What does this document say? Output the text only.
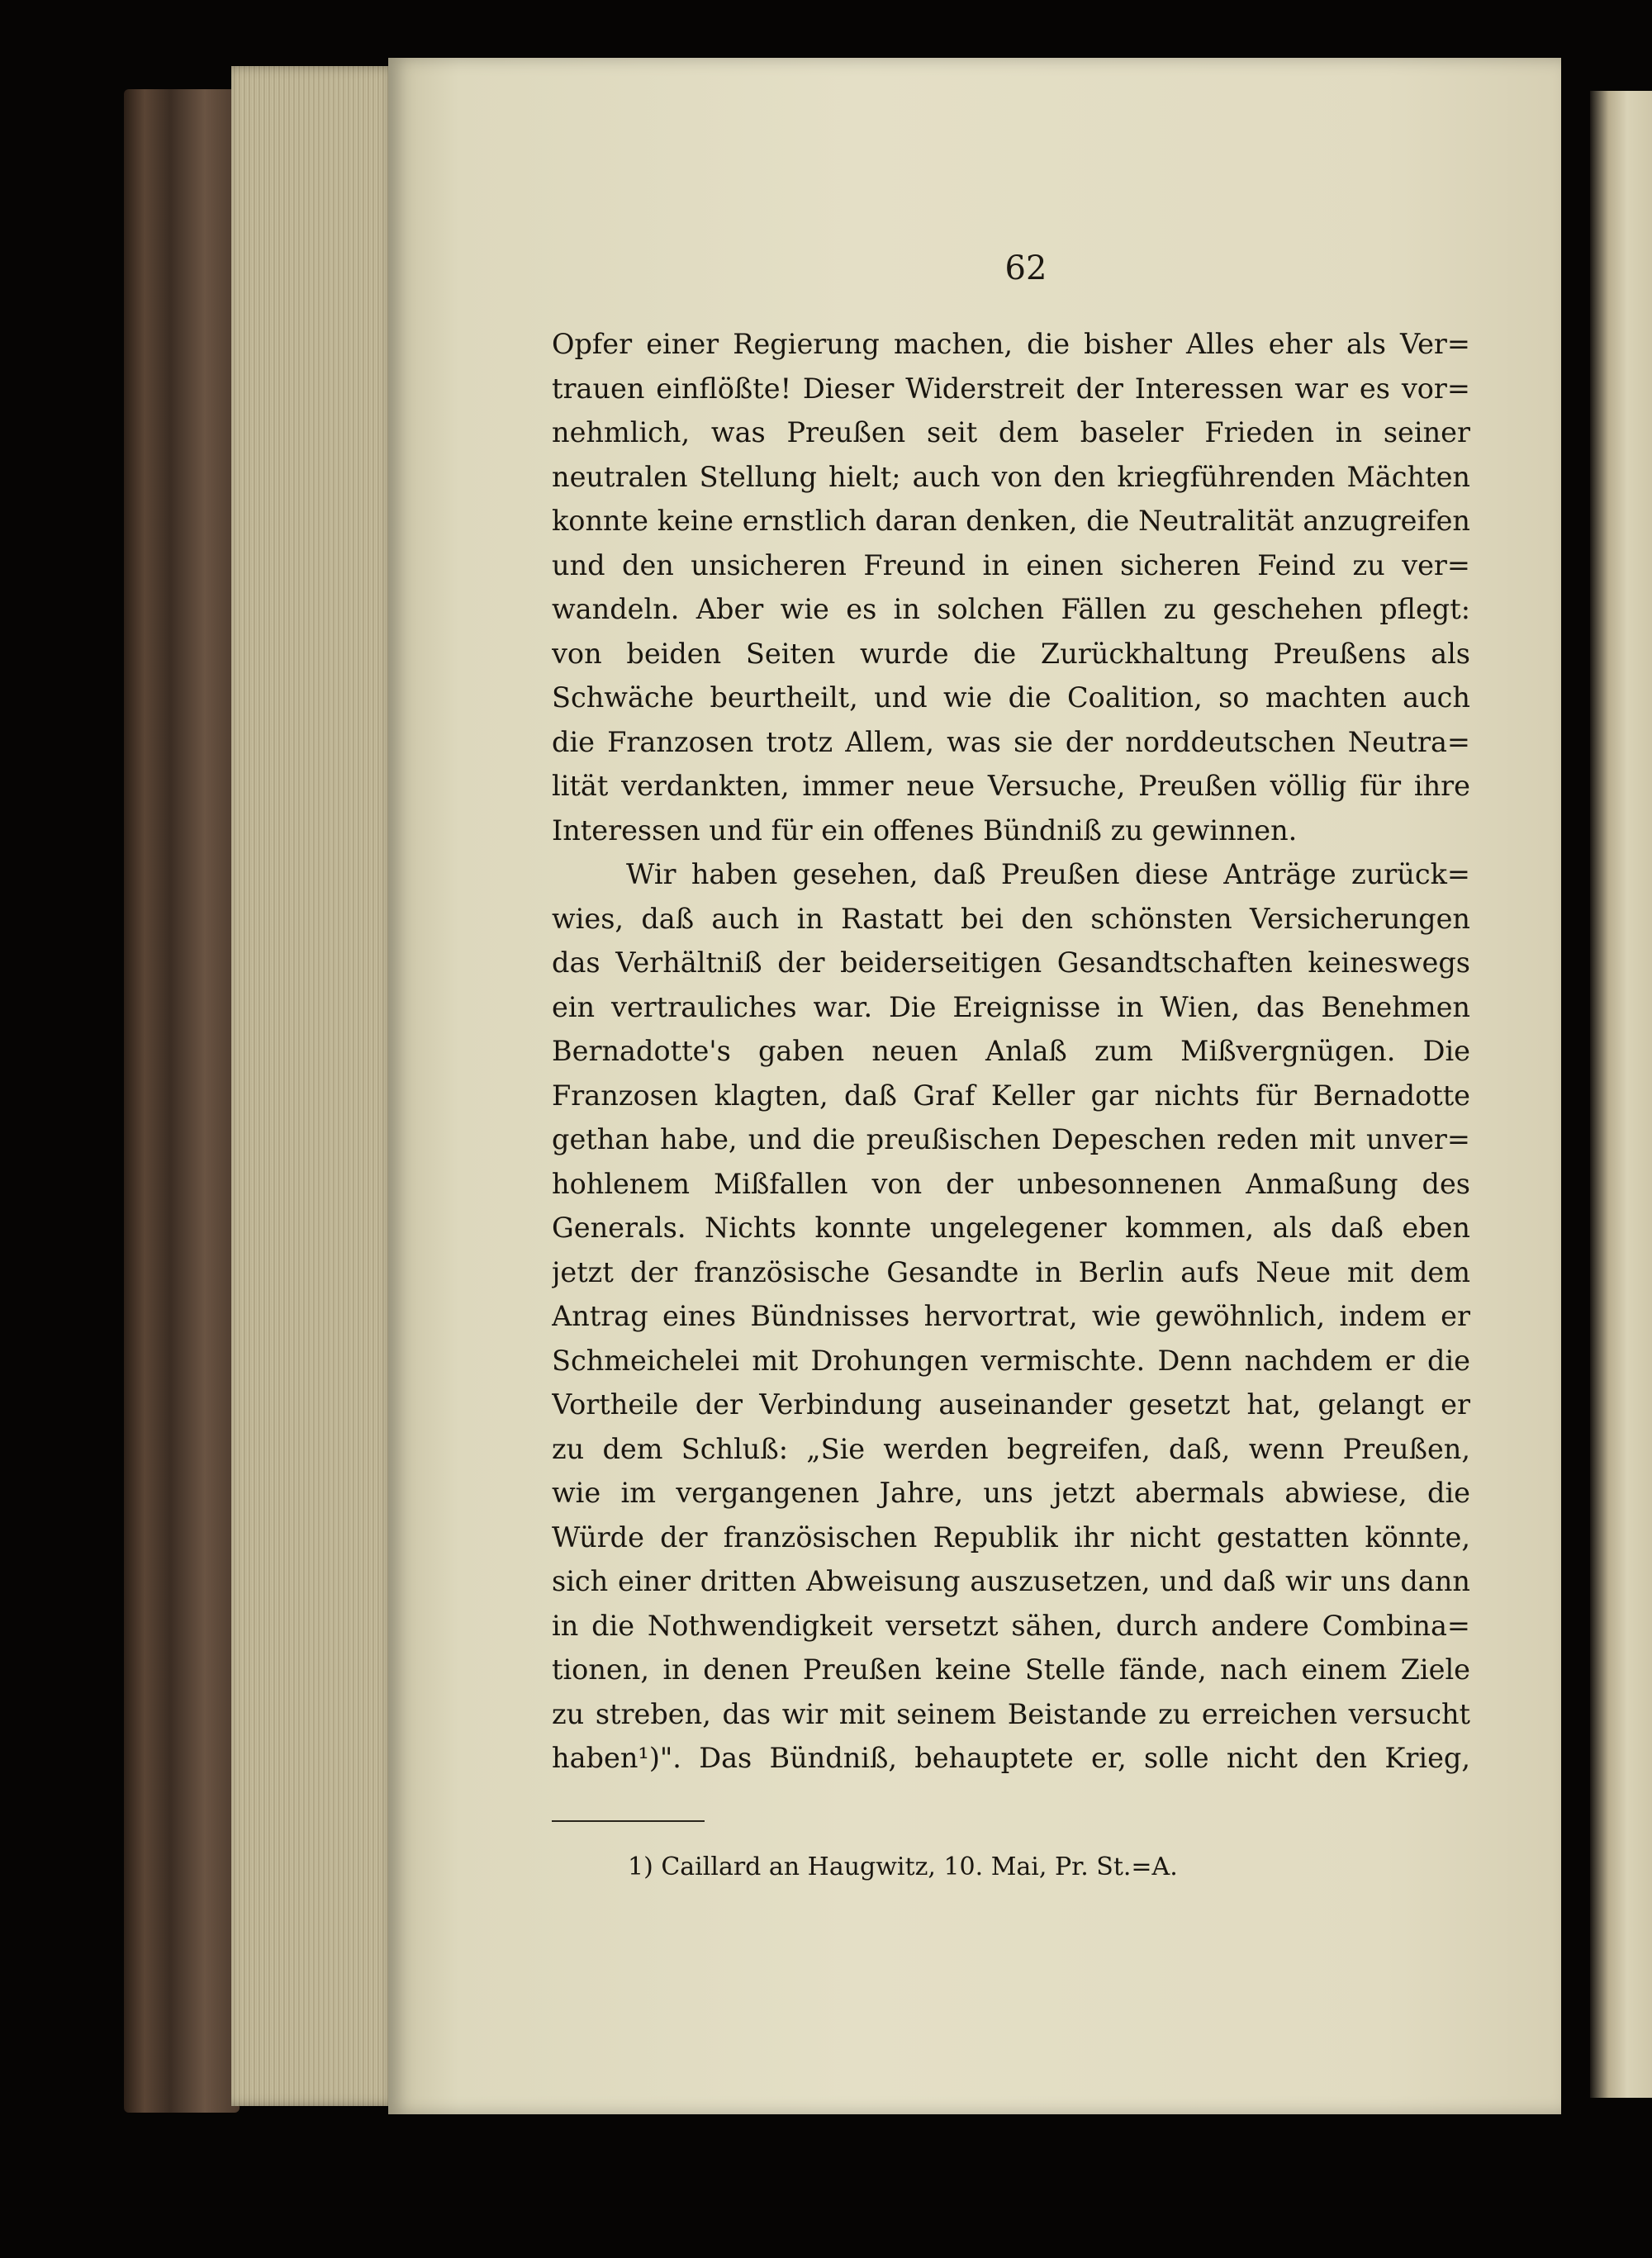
62
Opfer einer Regierung machen, die bisher Alles eher als Ver=
trauen einflößte! Dieser Widerstreit der Interessen war es vor=
nehmlich, was Preußen seit dem baseler Frieden in seiner
neutralen Stellung hielt; auch von den kriegführenden Mächten
konnte keine ernstlich daran denken, die Neutralität anzugreifen
und den unsicheren Freund in einen sicheren Feind zu ver=
wandeln. Aber wie es in solchen Fällen zu geschehen pflegt:
von beiden Seiten wurde die Zurückhaltung Preußens als
Schwäche beurtheilt, und wie die Coalition, so machten auch
die Franzosen trotz Allem, was sie der norddeutschen Neutra=
lität verdankten, immer neue Versuche, Preußen völlig für ihre
Interessen und für ein offenes Bündniß zu gewinnen.
Wir haben gesehen, daß Preußen diese Anträge zurück=
wies, daß auch in Rastatt bei den schönsten Versicherungen
das Verhältniß der beiderseitigen Gesandtschaften keineswegs
ein vertrauliches war. Die Ereignisse in Wien, das Benehmen
Bernadotte's gaben neuen Anlaß zum Mißvergnügen. Die
Franzosen klagten, daß Graf Keller gar nichts für Bernadotte
gethan habe, und die preußischen Depeschen reden mit unver=
hohlenem Mißfallen von der unbesonnenen Anmaßung des
Generals. Nichts konnte ungelegener kommen, als daß eben
jetzt der französische Gesandte in Berlin aufs Neue mit dem
Antrag eines Bündnisses hervortrat, wie gewöhnlich, indem er
Schmeichelei mit Drohungen vermischte. Denn nachdem er die
Vortheile der Verbindung auseinander gesetzt hat, gelangt er
zu dem Schluß: „Sie werden begreifen, daß, wenn Preußen,
wie im vergangenen Jahre, uns jetzt abermals abwiese, die
Würde der französischen Republik ihr nicht gestatten könnte,
sich einer dritten Abweisung auszusetzen, und daß wir uns dann
in die Nothwendigkeit versetzt sähen, durch andere Combina=
tionen, in denen Preußen keine Stelle fände, nach einem Ziele
zu streben, das wir mit seinem Beistande zu erreichen versucht
haben¹)". Das Bündniß, behauptete er, solle nicht den Krieg,
1) Caillard an Haugwitz, 10. Mai, Pr. St.=A.
